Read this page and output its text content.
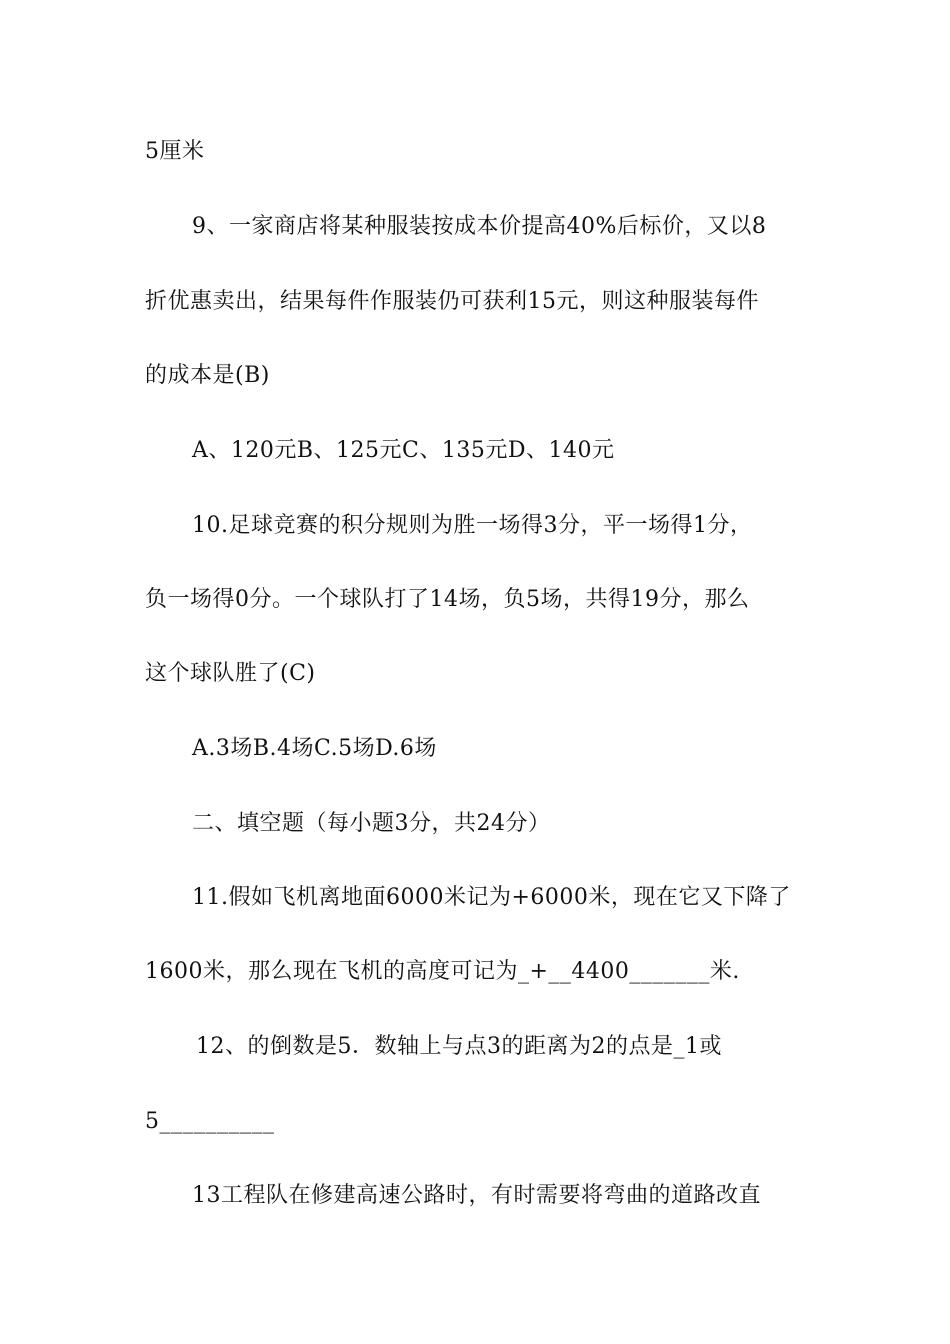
5厘米
9、一家商店将某种服装按成本价提高40%后标价，又以8
折优惠卖出，结果每件作服装仍可获利15元，则这种服装每件
的成本是(B)
A、120元B、125元C、135元D、140元
10.足球竞赛的积分规则为胜一场得3分，平一场得1分，
负一场得0分。一个球队打了14场，负5场，共得19分，那么
这个球队胜了(C)
A.3场B.4场C.5场D.6场
二、填空题（每小题3分，共24分）
11.假如飞机离地面6000米记为+6000米，现在它又下降了
1600米，那么现在飞机的高度可记为_+__4400_______米.
12、的倒数是5．数轴上与点3的距离为2的点是_1或
5__________
13工程队在修建高速公路时，有时需要将弯曲的道路改直
